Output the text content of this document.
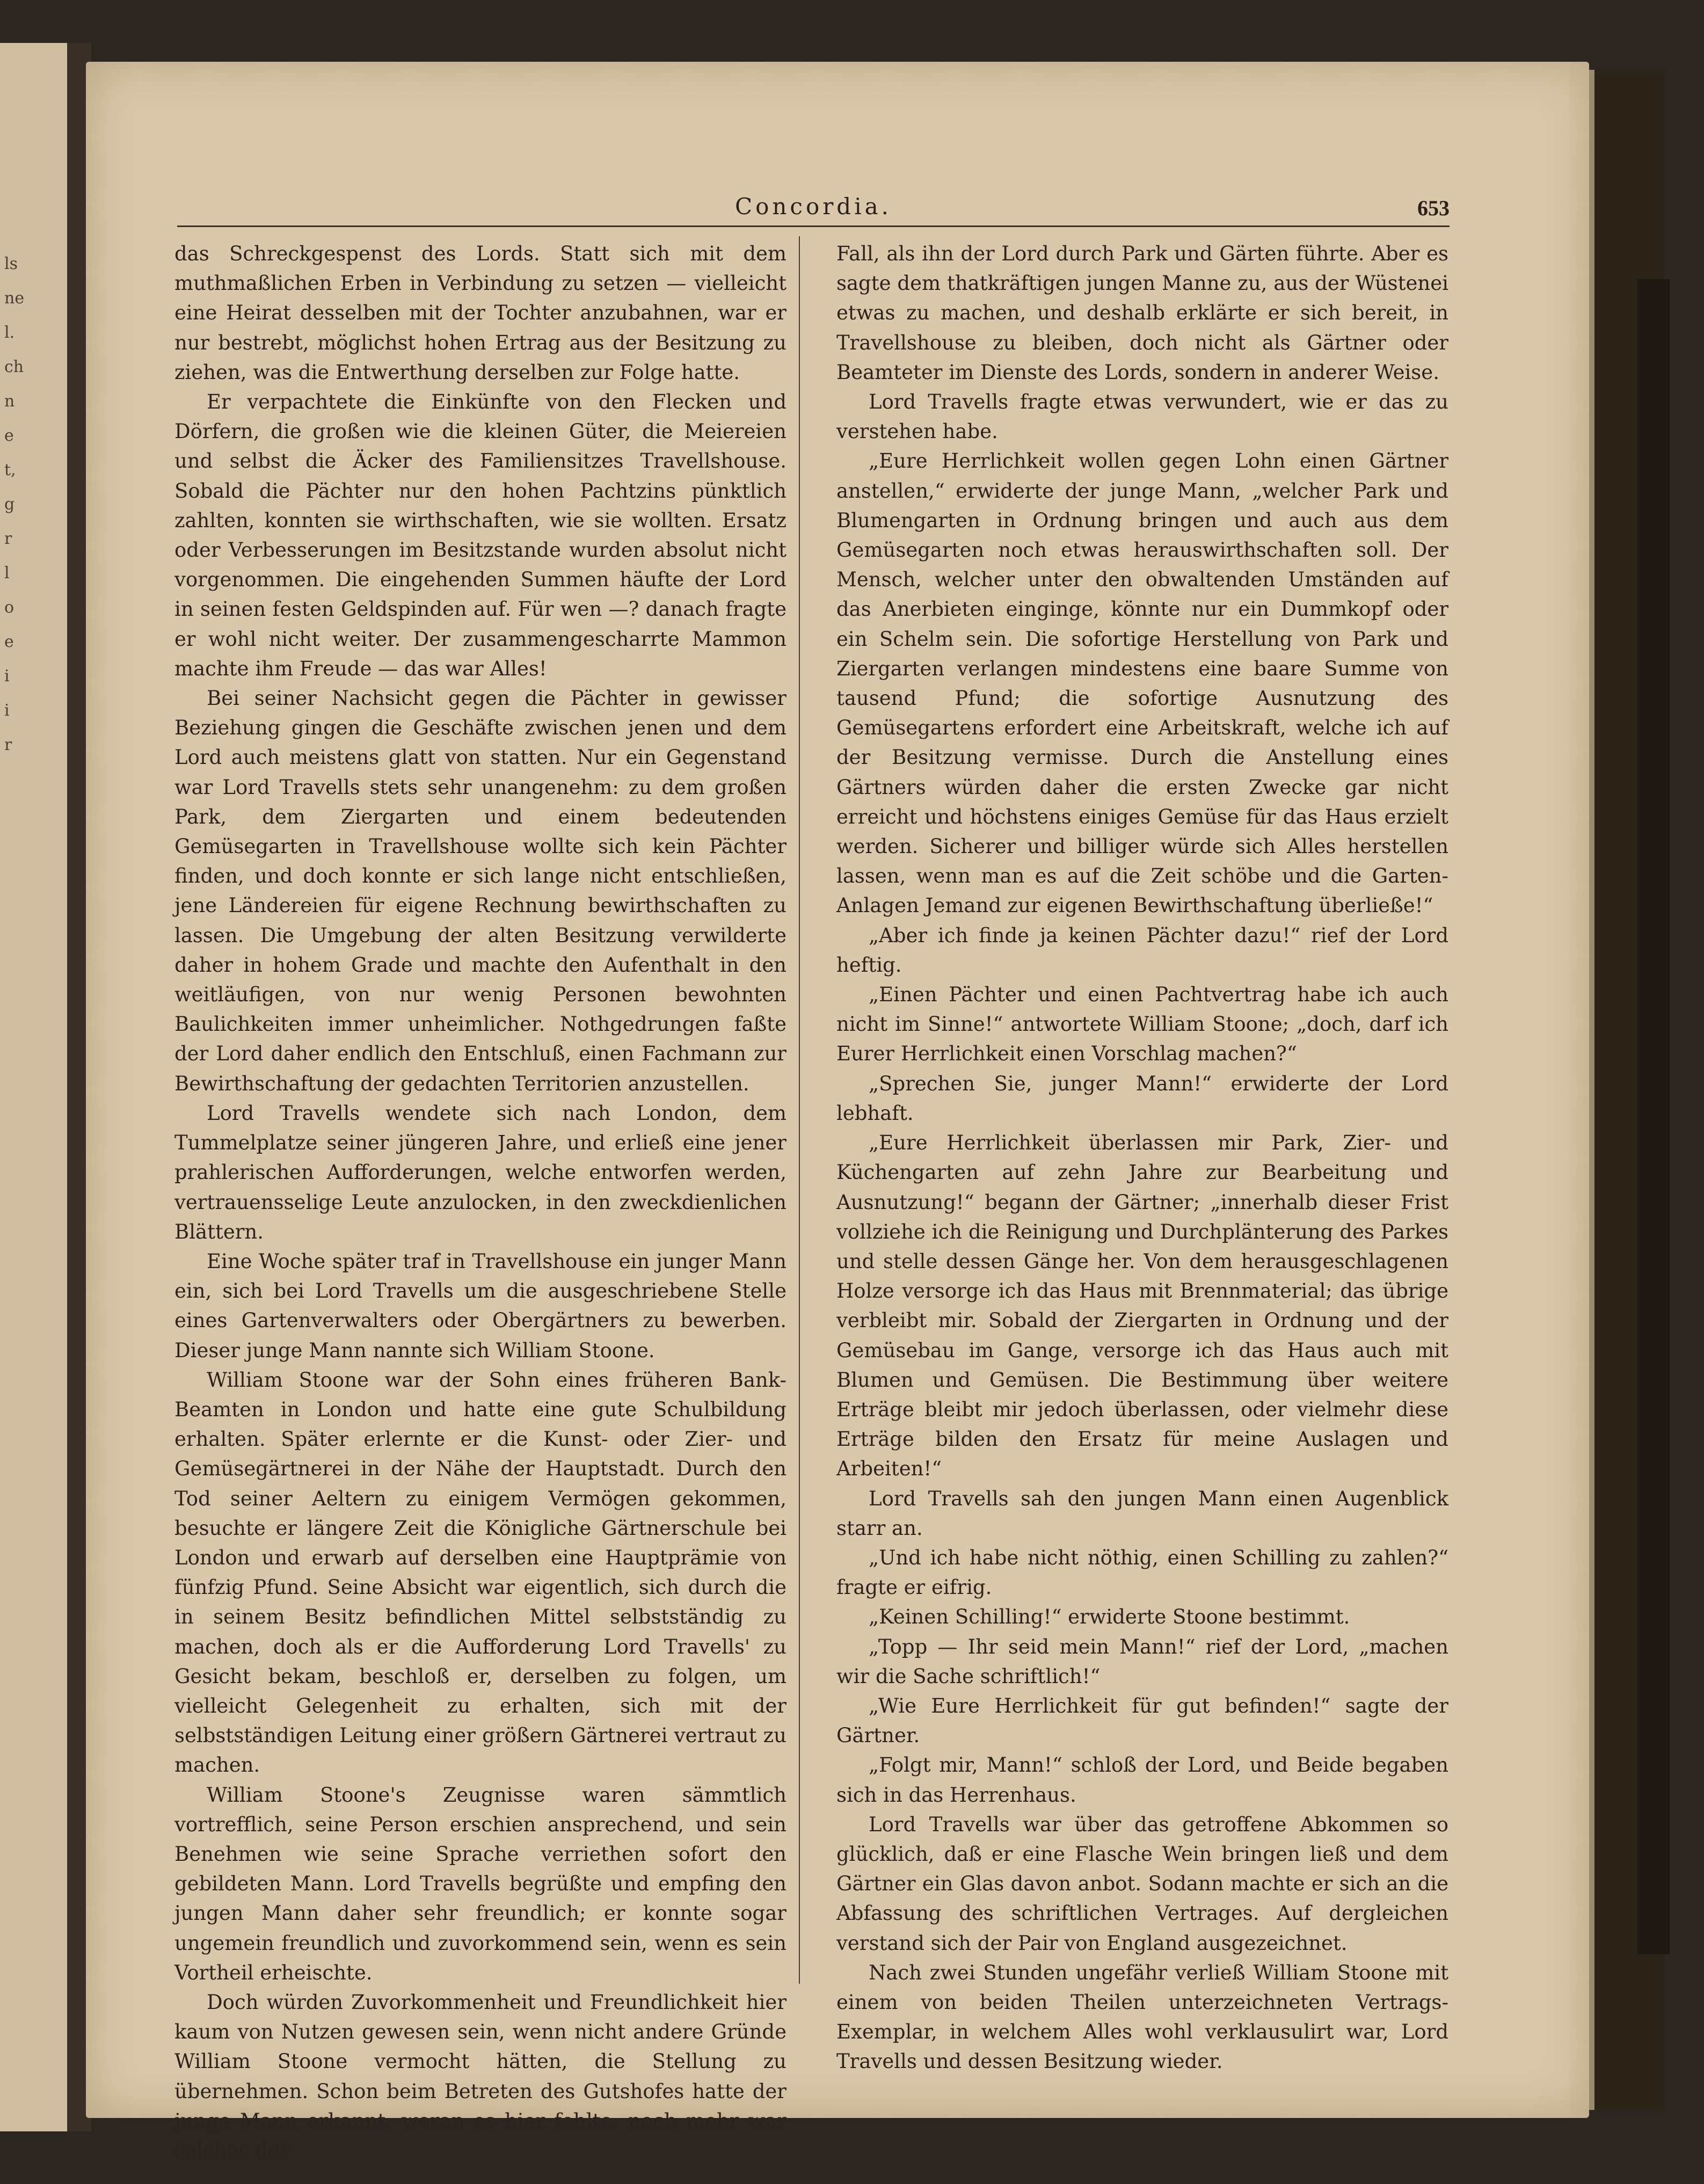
ls
ne
l.
ch
n
e
t,
g
r
l
o
e
i
i
r
Concordia.	653

das Schreckgespenst des Lords. Statt sich mit dem muthmaßlichen Erben in Verbindung zu setzen — vielleicht eine Heirat desselben mit der Tochter anzubahnen, war er nur bestrebt, möglichst hohen Ertrag aus der Besitzung zu ziehen, was die Entwerthung derselben zur Folge hatte.

Er verpachtete die Einkünfte von den Flecken und Dörfern, die großen wie die kleinen Güter, die Meiereien und selbst die Äcker des Familiensitzes Travellshouse. Sobald die Pächter nur den hohen Pachtzins pünktlich zahlten, konnten sie wirthschaften, wie sie wollten. Ersatz oder Verbesserungen im Besitzstande wurden absolut nicht vorgenommen. Die eingehenden Summen häufte der Lord in seinen festen Geldspinden auf. Für wen —? danach fragte er wohl nicht weiter. Der zusammengescharrte Mammon machte ihm Freude — das war Alles!

Bei seiner Nachsicht gegen die Pächter in gewisser Beziehung gingen die Geschäfte zwischen jenen und dem Lord auch meistens glatt von statten. Nur ein Gegenstand war Lord Travells stets sehr unangenehm: zu dem großen Park, dem Ziergarten und einem bedeutenden Gemüsegarten in Travellshouse wollte sich kein Pächter finden, und doch konnte er sich lange nicht entschließen, jene Ländereien für eigene Rechnung bewirthschaften zu lassen. Die Umgebung der alten Besitzung verwilderte daher in hohem Grade und machte den Aufenthalt in den weitläufigen, von nur wenig Personen bewohnten Baulichkeiten immer unheimlicher. Nothgedrungen faßte der Lord daher endlich den Entschluß, einen Fachmann zur Bewirthschaftung der gedachten Territorien anzustellen.

Lord Travells wendete sich nach London, dem Tummelplatze seiner jüngeren Jahre, und erließ eine jener prahlerischen Aufforderungen, welche entworfen werden, vertrauensselige Leute anzulocken, in den zweckdienlichen Blättern.

Eine Woche später traf in Travellshouse ein junger Mann ein, sich bei Lord Travells um die ausgeschriebene Stelle eines Gartenverwalters oder Obergärtners zu bewerben. Dieser junge Mann nannte sich William Stoone.

William Stoone war der Sohn eines früheren Bank-Beamten in London und hatte eine gute Schulbildung erhalten. Später erlernte er die Kunst- oder Zier- und Gemüsegärtnerei in der Nähe der Hauptstadt. Durch den Tod seiner Aeltern zu einigem Vermögen gekommen, besuchte er längere Zeit die Königliche Gärtnerschule bei London und erwarb auf derselben eine Hauptprämie von fünfzig Pfund. Seine Absicht war eigentlich, sich durch die in seinem Besitz befindlichen Mittel selbstständig zu machen, doch als er die Aufforderung Lord Travells' zu Gesicht bekam, beschloß er, derselben zu folgen, um vielleicht Gelegenheit zu erhalten, sich mit der selbstständigen Leitung einer größern Gärtnerei vertraut zu machen.

William Stoone's Zeugnisse waren sämmtlich vortrefflich, seine Person erschien ansprechend, und sein Benehmen wie seine Sprache verriethen sofort den gebildeten Mann. Lord Travells begrüßte und empfing den jungen Mann daher sehr freundlich; er konnte sogar ungemein freundlich und zuvorkommend sein, wenn es sein Vortheil erheischte.

Doch würden Zuvorkommenheit und Freundlichkeit hier kaum von Nutzen gewesen sein, wenn nicht andere Gründe William Stoone vermocht hätten, die Stellung zu übernehmen. Schon beim Betreten des Gutshofes hatte der junge Mann erkannt, woran es hier fehlte; noch mehr war solches der

Fall, als ihn der Lord durch Park und Gärten führte. Aber es sagte dem thatkräftigen jungen Manne zu, aus der Wüstenei etwas zu machen, und deshalb erklärte er sich bereit, in Travellshouse zu bleiben, doch nicht als Gärtner oder Beamteter im Dienste des Lords, sondern in anderer Weise.

Lord Travells fragte etwas verwundert, wie er das zu verstehen habe.

„Eure Herrlichkeit wollen gegen Lohn einen Gärtner anstellen,“ erwiderte der junge Mann, „welcher Park und Blumengarten in Ordnung bringen und auch aus dem Gemüsegarten noch etwas herauswirthschaften soll. Der Mensch, welcher unter den obwaltenden Umständen auf das Anerbieten einginge, könnte nur ein Dummkopf oder ein Schelm sein. Die sofortige Herstellung von Park und Ziergarten verlangen mindestens eine baare Summe von tausend Pfund; die sofortige Ausnutzung des Gemüsegartens erfordert eine Arbeitskraft, welche ich auf der Besitzung vermisse. Durch die Anstellung eines Gärtners würden daher die ersten Zwecke gar nicht erreicht und höchstens einiges Gemüse für das Haus erzielt werden. Sicherer und billiger würde sich Alles herstellen lassen, wenn man es auf die Zeit schöbe und die Garten-Anlagen Jemand zur eigenen Bewirthschaftung überließe!“

„Aber ich finde ja keinen Pächter dazu!“ rief der Lord heftig.

„Einen Pächter und einen Pachtvertrag habe ich auch nicht im Sinne!“ antwortete William Stoone; „doch, darf ich Eurer Herrlichkeit einen Vorschlag machen?“

„Sprechen Sie, junger Mann!“ erwiderte der Lord lebhaft.

„Eure Herrlichkeit überlassen mir Park, Zier- und Küchengarten auf zehn Jahre zur Bearbeitung und Ausnutzung!“ begann der Gärtner; „innerhalb dieser Frist vollziehe ich die Reinigung und Durchplänterung des Parkes und stelle dessen Gänge her. Von dem herausgeschlagenen Holze versorge ich das Haus mit Brennmaterial; das übrige verbleibt mir. Sobald der Ziergarten in Ordnung und der Gemüsebau im Gange, versorge ich das Haus auch mit Blumen und Gemüsen. Die Bestimmung über weitere Erträge bleibt mir jedoch überlassen, oder vielmehr diese Erträge bilden den Ersatz für meine Auslagen und Arbeiten!“

Lord Travells sah den jungen Mann einen Augenblick starr an.

„Und ich habe nicht nöthig, einen Schilling zu zahlen?“ fragte er eifrig.

„Keinen Schilling!“ erwiderte Stoone bestimmt.

„Topp — Ihr seid mein Mann!“ rief der Lord, „machen wir die Sache schriftlich!“

„Wie Eure Herrlichkeit für gut befinden!“ sagte der Gärtner.

„Folgt mir, Mann!“ schloß der Lord, und Beide begaben sich in das Herrenhaus.

Lord Travells war über das getroffene Abkommen so glücklich, daß er eine Flasche Wein bringen ließ und dem Gärtner ein Glas davon anbot. Sodann machte er sich an die Abfassung des schriftlichen Vertrages. Auf dergleichen verstand sich der Pair von England ausgezeichnet.

Nach zwei Stunden ungefähr verließ William Stoone mit einem von beiden Theilen unterzeichneten Vertrags-Exemplar, in welchem Alles wohl verklausulirt war, Lord Travells und dessen Besitzung wieder.
